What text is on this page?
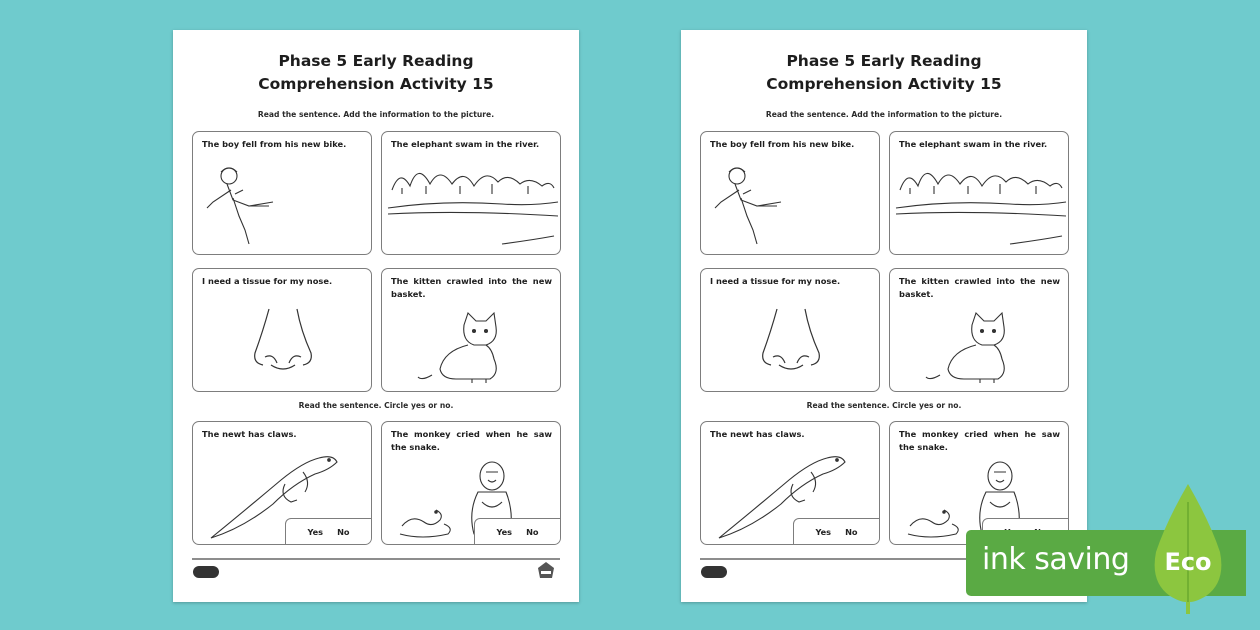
Phase 5 Early Reading
Comprehension Activity 15
Read the sentence. Add the information to the picture.
The boy fell from his new bike.	The elephant swam in the river.
I need a tissue for my nose.	The kitten crawled into the new basket.
Read the sentence. Circle yes or no.
The newt has claws.
Yes No
The monkey cried when he saw the snake.
Yes No
Phase 5 Early Reading
Comprehension Activity 15
Read the sentence. Add the information to the picture.
The boy fell from his new bike.	The elephant swam in the river.
I need a tissue for my nose.	The kitten crawled into the new basket.
Read the sentence. Circle yes or no.
The newt has claws.
Yes No
The monkey cried when he saw the snake.
ink saving Eco
